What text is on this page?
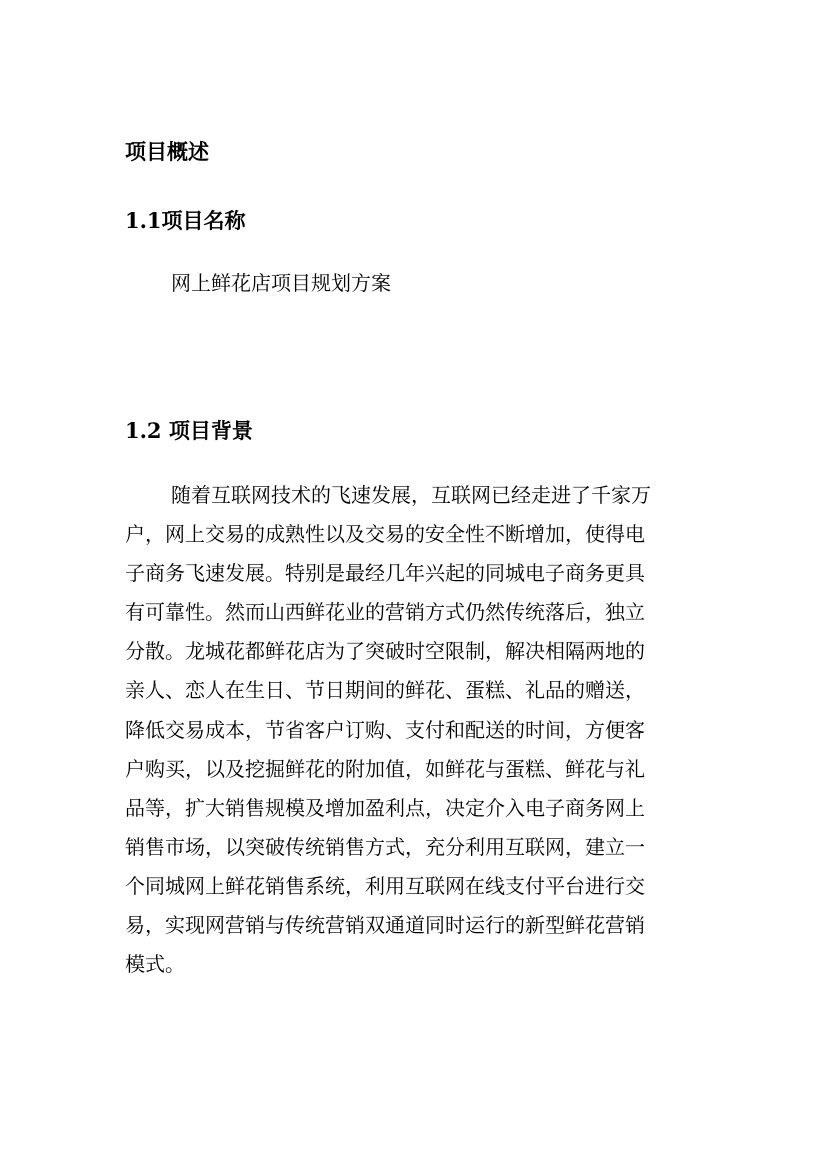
项目概述
1.1项目名称
网上鲜花店项目规划方案
1.2 项目背景
随着互联网技术的飞速发展，互联网已经走进了千家万
户，网上交易的成熟性以及交易的安全性不断增加，使得电
子商务飞速发展。特别是最经几年兴起的同城电子商务更具
有可靠性。然而山西鲜花业的营销方式仍然传统落后，独立
分散。龙城花都鲜花店为了突破时空限制，解决相隔两地的
亲人、恋人在生日、节日期间的鲜花、蛋糕、礼品的赠送，
降低交易成本，节省客户订购、支付和配送的时间，方便客
户购买，以及挖掘鲜花的附加值，如鲜花与蛋糕、鲜花与礼
品等，扩大销售规模及增加盈利点，决定介入电子商务网上
销售市场，以突破传统销售方式，充分利用互联网，建立一
个同城网上鲜花销售系统，利用互联网在线支付平台进行交
易，实现网营销与传统营销双通道同时运行的新型鲜花营销
模式。
